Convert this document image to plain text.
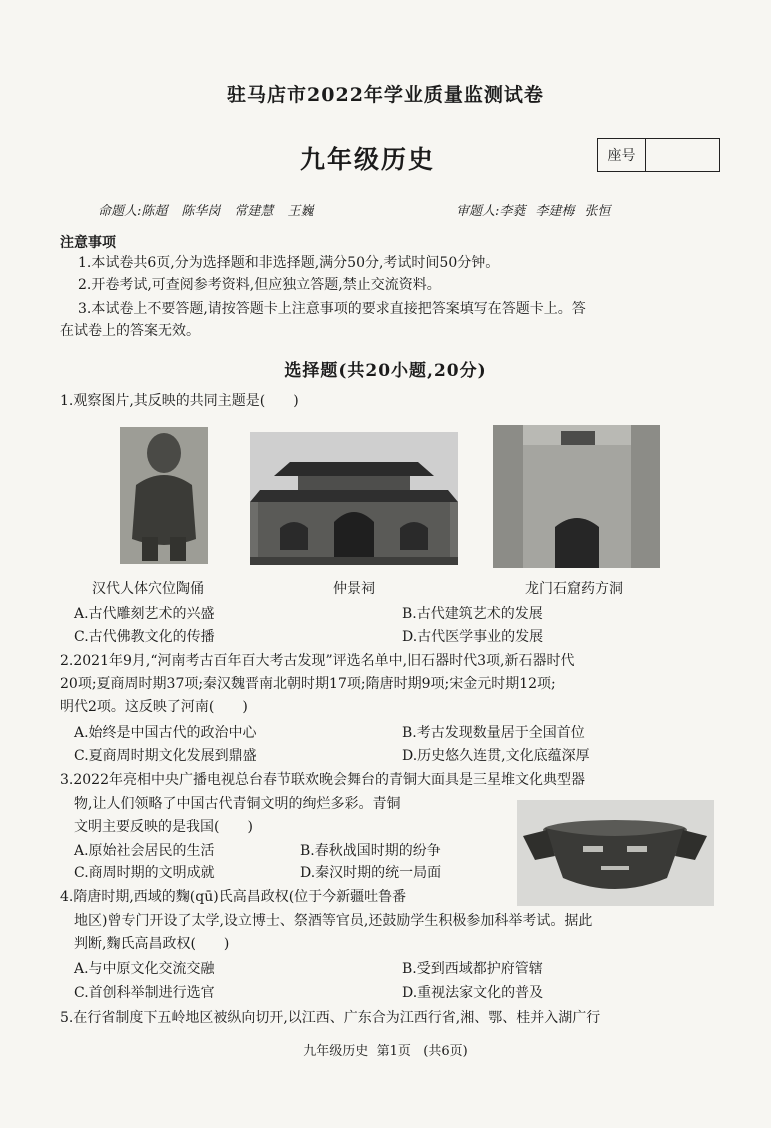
驻马店市2022年学业质量监测试卷
九年级历史	座号
命题人:陈超 陈华岗 常建慧 王巍	审题人:李蕤 李建梅 张恒
注意事项
1.本试卷共6页,分为选择题和非选择题,满分50分,考试时间50分钟。
2.开卷考试,可查阅参考资料,但应独立答题,禁止交流资料。
3.本试卷上不要答题,请按答题卡上注意事项的要求直接把答案填写在答题卡上。答
在试卷上的答案无效。
选择题(共20小题,20分)
1.观察图片,其反映的共同主题是(　　)
汉代人体穴位陶俑	仲景祠	龙门石窟药方洞
A.古代雕刻艺术的兴盛	B.古代建筑艺术的发展
C.古代佛教文化的传播	D.古代医学事业的发展
2.2021年9月,“河南考古百年百大考古发现”评选名单中,旧石器时代3项,新石器时代
20项;夏商周时期37项;秦汉魏晋南北朝时期17项;隋唐时期9项;宋金元时期12项;
明代2项。这反映了河南(　　)
A.始终是中国古代的政治中心	B.考古发现数量居于全国首位
C.夏商周时期文化发展到鼎盛	D.历史悠久连贯,文化底蕴深厚
3.2022年亮相中央广播电视总台春节联欢晚会舞台的青铜大面具是三星堆文化典型器
物,让人们领略了中国古代青铜文明的绚烂多彩。青铜
文明主要反映的是我国(　　)
A.原始社会居民的生活	B.春秋战国时期的纷争
C.商周时期的文明成就	D.秦汉时期的统一局面
4.隋唐时期,西域的麴(qū)氏高昌政权(位于今新疆吐鲁番
地区)曾专门开设了太学,设立博士、祭酒等官员,还鼓励学生积极参加科举考试。据此
判断,麴氏高昌政权(　　)
A.与中原文化交流交融	B.受到西域都护府管辖
C.首创科举制进行选官	D.重视法家文化的普及
5.在行省制度下五岭地区被纵向切开,以江西、广东合为江西行省,湘、鄂、桂并入湖广行
九年级历史 第1页 (共6页)
